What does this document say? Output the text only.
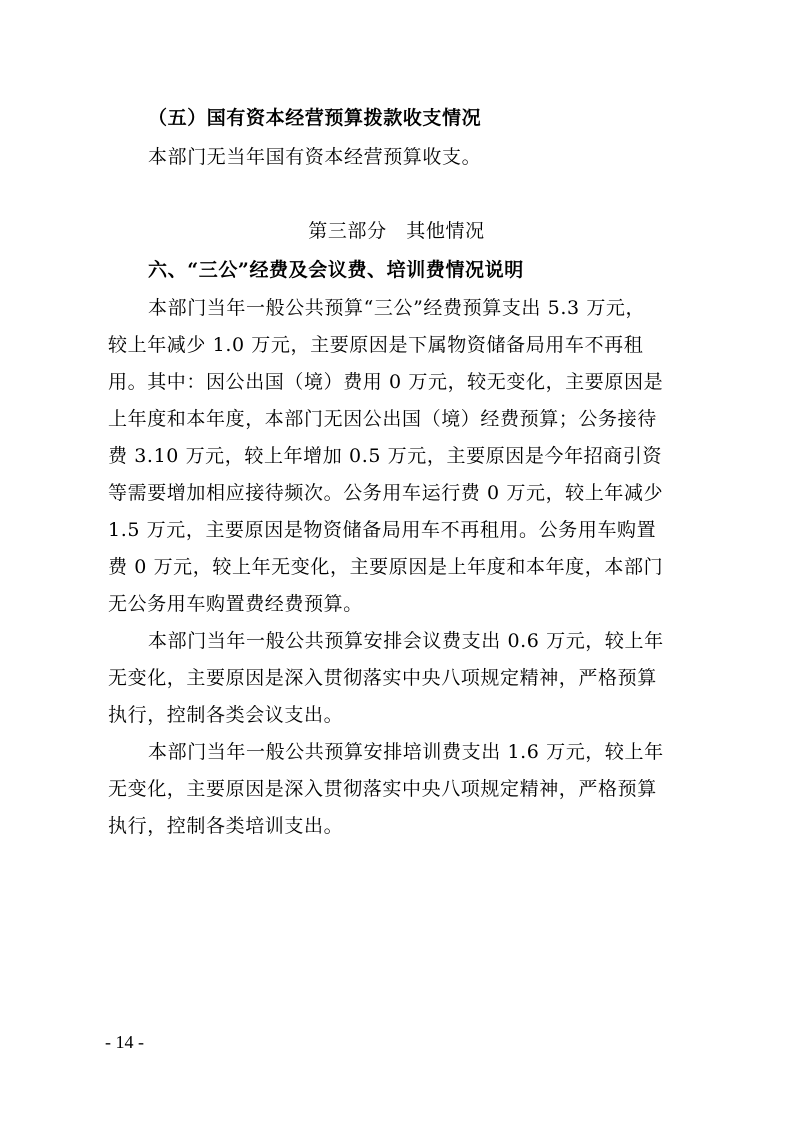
（五）国有资本经营预算拨款收支情况
本部门无当年国有资本经营预算收支。
第三部分　其他情况
六、“三公”经费及会议费、培训费情况说明
本部门当年一般公共预算“三公”经费预算支出 5.3 万元，
较上年减少 1.0 万元，主要原因是下属物资储备局用车不再租
用。其中：因公出国（境）费用 0 万元，较无变化，主要原因是
上年度和本年度，本部门无因公出国（境）经费预算；公务接待
费 3.10 万元，较上年增加 0.5 万元，主要原因是今年招商引资
等需要增加相应接待频次。公务用车运行费 0 万元，较上年减少
1.5 万元，主要原因是物资储备局用车不再租用。公务用车购置
费 0 万元，较上年无变化，主要原因是上年度和本年度，本部门
无公务用车购置费经费预算。
本部门当年一般公共预算安排会议费支出 0.6 万元，较上年
无变化，主要原因是深入贯彻落实中央八项规定精神，严格预算
执行，控制各类会议支出。
本部门当年一般公共预算安排培训费支出 1.6 万元，较上年
无变化，主要原因是深入贯彻落实中央八项规定精神，严格预算
执行，控制各类培训支出。
- 14 -
